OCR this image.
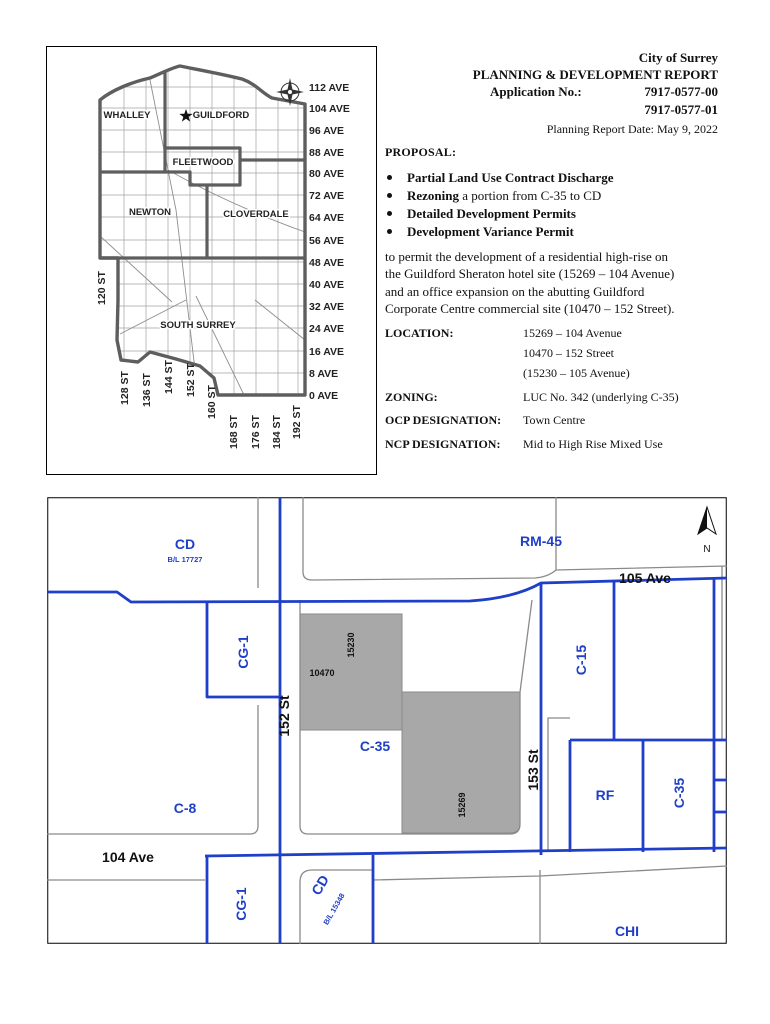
WHALLEY	GUILDFORD
FLEETWOOD
NEWTON	CLOVERDALE
SOUTH SURREY
112 AVE
104 AVE
96 AVE
88 AVE
80 AVE
72 AVE
64 AVE
56 AVE
48 AVE
40 AVE
32 AVE
24 AVE
16 AVE
8 AVE
0 AVE
120 ST
128 ST 136 ST 144 ST 152 ST
160 ST
168 ST 176 ST 184 ST 192 ST
City of Surrey
PLANNING & DEVELOPMENT REPORT
Application No.:	7917-0577-00
7917-0577-01
Planning Report Date: May 9, 2022
PROPOSAL:
Partial Land Use Contract Discharge
Rezoning a portion from C-35 to CD
Detailed Development Permits
Development Variance Permit
to permit the development of a residential high-rise on
the Guildford Sheraton hotel site (15269 – 104 Avenue)
and an office expansion on the abutting Guildford
Corporate Centre commercial site (10470 – 152 Street).
LOCATION:	15269 – 104 Avenue
10470 – 152 Street
(15230 – 105 Avenue)
ZONING:	LUC No. 342 (underlying C-35)
OCP DESIGNATION: Town Centre
NCP DESIGNATION: Mid to High Rise Mixed Use
N
CD
B/L 17727
RM-45
CG-1
C-35
C-15
RF	C-35
C-8
CG-1
CD
B/L 15348
CHI
105 Ave
152 St
153 St
104 Ave
10470
15230
15269
